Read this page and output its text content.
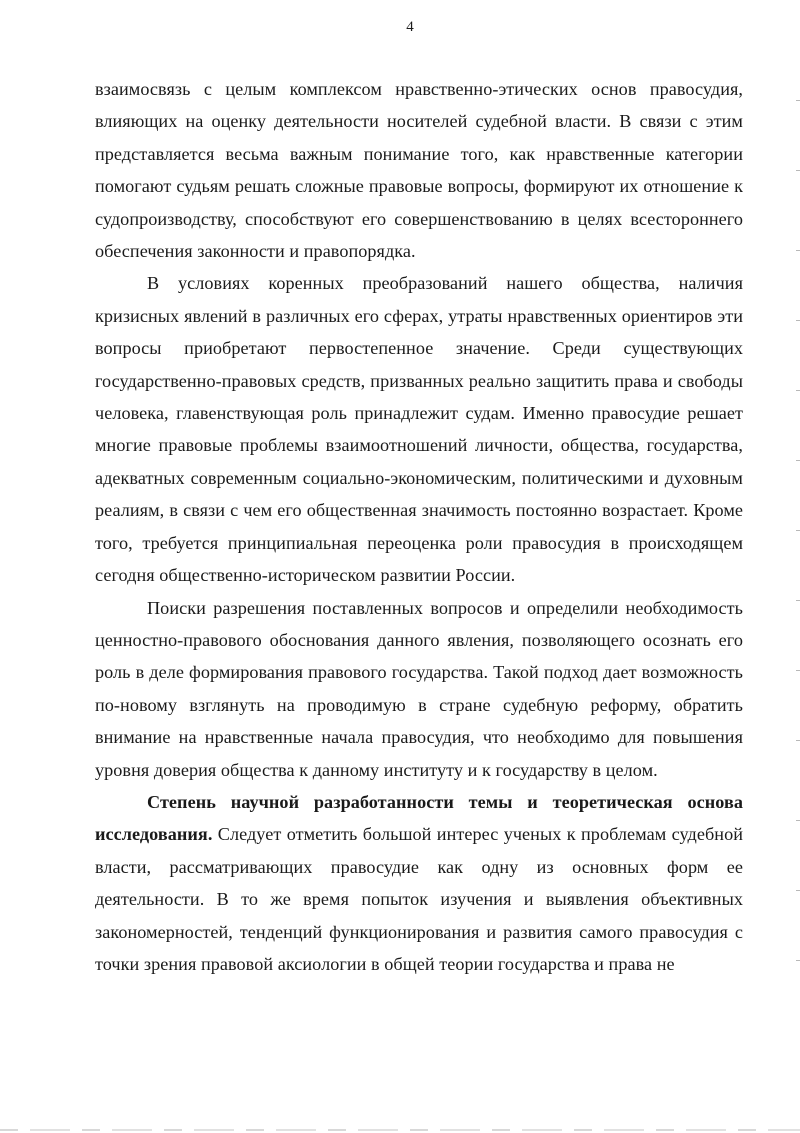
4

взаимосвязь с целым комплексом нравственно-этических основ правосудия, влияющих на оценку деятельности носителей судебной власти. В связи с этим представляется весьма важным понимание того, как нравственные категории помогают судьям решать сложные правовые вопросы, формируют их отношение к судопроизводству, способствуют его совершенствованию в целях всестороннего обеспечения законности и правопорядка.

В условиях коренных преобразований нашего общества, наличия кризисных явлений в различных его сферах, утраты нравственных ориентиров эти вопросы приобретают первостепенное значение. Среди существующих государственно-правовых средств, призванных реально защитить права и свободы человека, главенствующая роль принадлежит судам. Именно правосудие решает многие правовые проблемы взаимоотношений личности, общества, государства, адекватных современным социально-экономическим, политическими и духовным реалиям, в связи с чем его общественная значимость постоянно возрастает. Кроме того, требуется принципиальная переоценка роли правосудия в происходящем сегодня общественно-историческом развитии России.

Поиски разрешения поставленных вопросов и определили необходимость ценностно-правового обоснования данного явления, позволяющего осознать его роль в деле формирования правового государства. Такой подход дает возможность по-новому взглянуть на проводимую в стране судебную реформу, обратить внимание на нравственные начала правосудия, что необходимо для повышения уровня доверия общества к данному институту и к государству в целом.

Степень научной разработанности темы и теоретическая основа исследования. Следует отметить большой интерес ученых к проблемам судебной власти, рассматривающих правосудие как одну из основных форм ее деятельности. В то же время попыток изучения и выявления объективных закономерностей, тенденций функционирования и развития самого правосудия с точки зрения правовой аксиологии в общей теории государства и права не
